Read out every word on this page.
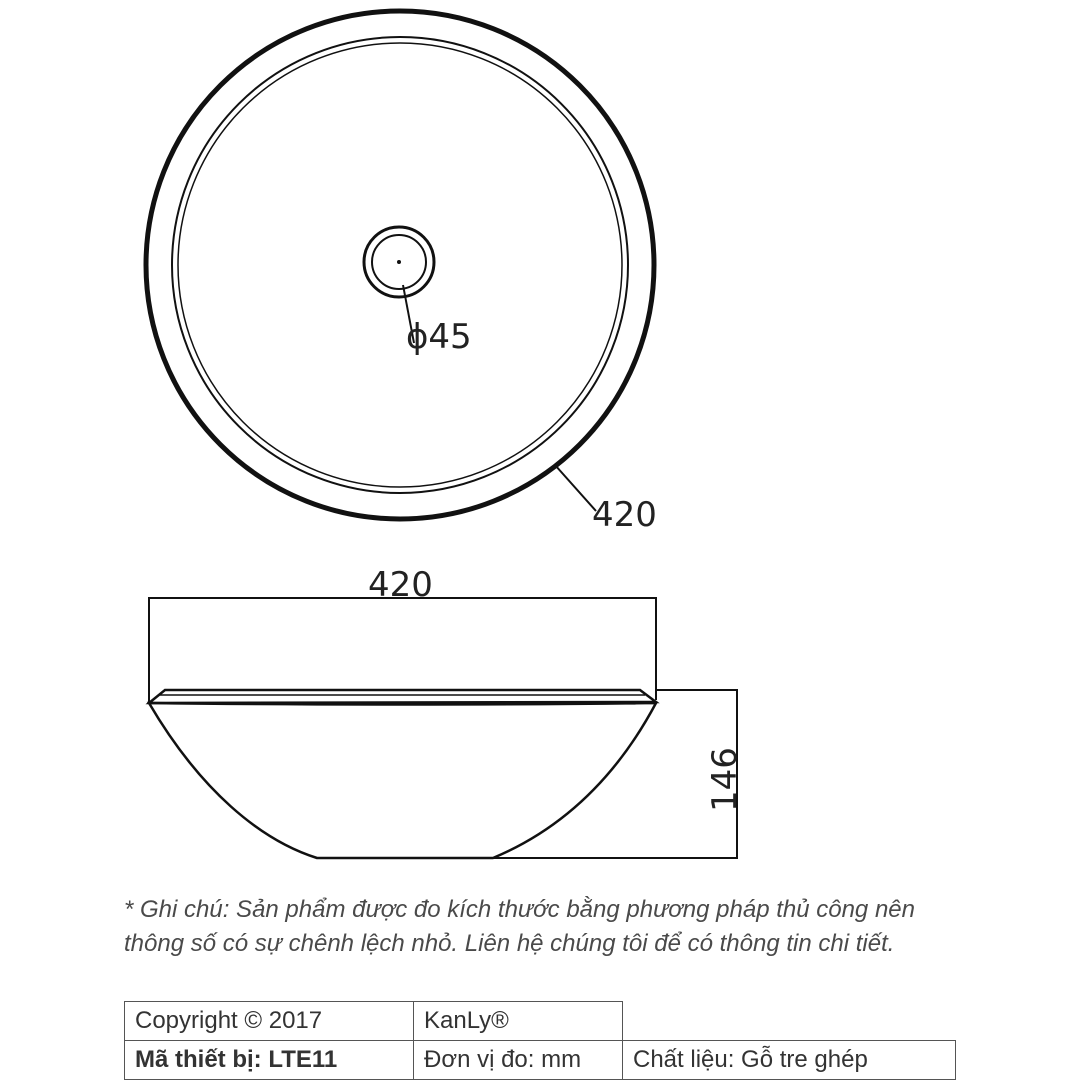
ϕ45
420
420
146
* Ghi chú: Sản phẩm được đo kích thước bằng phương pháp thủ công nên thông số có sự chênh lệch nhỏ. Liên hệ chúng tôi để có thông tin chi tiết.
Copyright © 2017	KanLy®	
Mã thiết bị: LTE11	Đơn vị đo: mm	Chất liệu: Gỗ tre ghép
